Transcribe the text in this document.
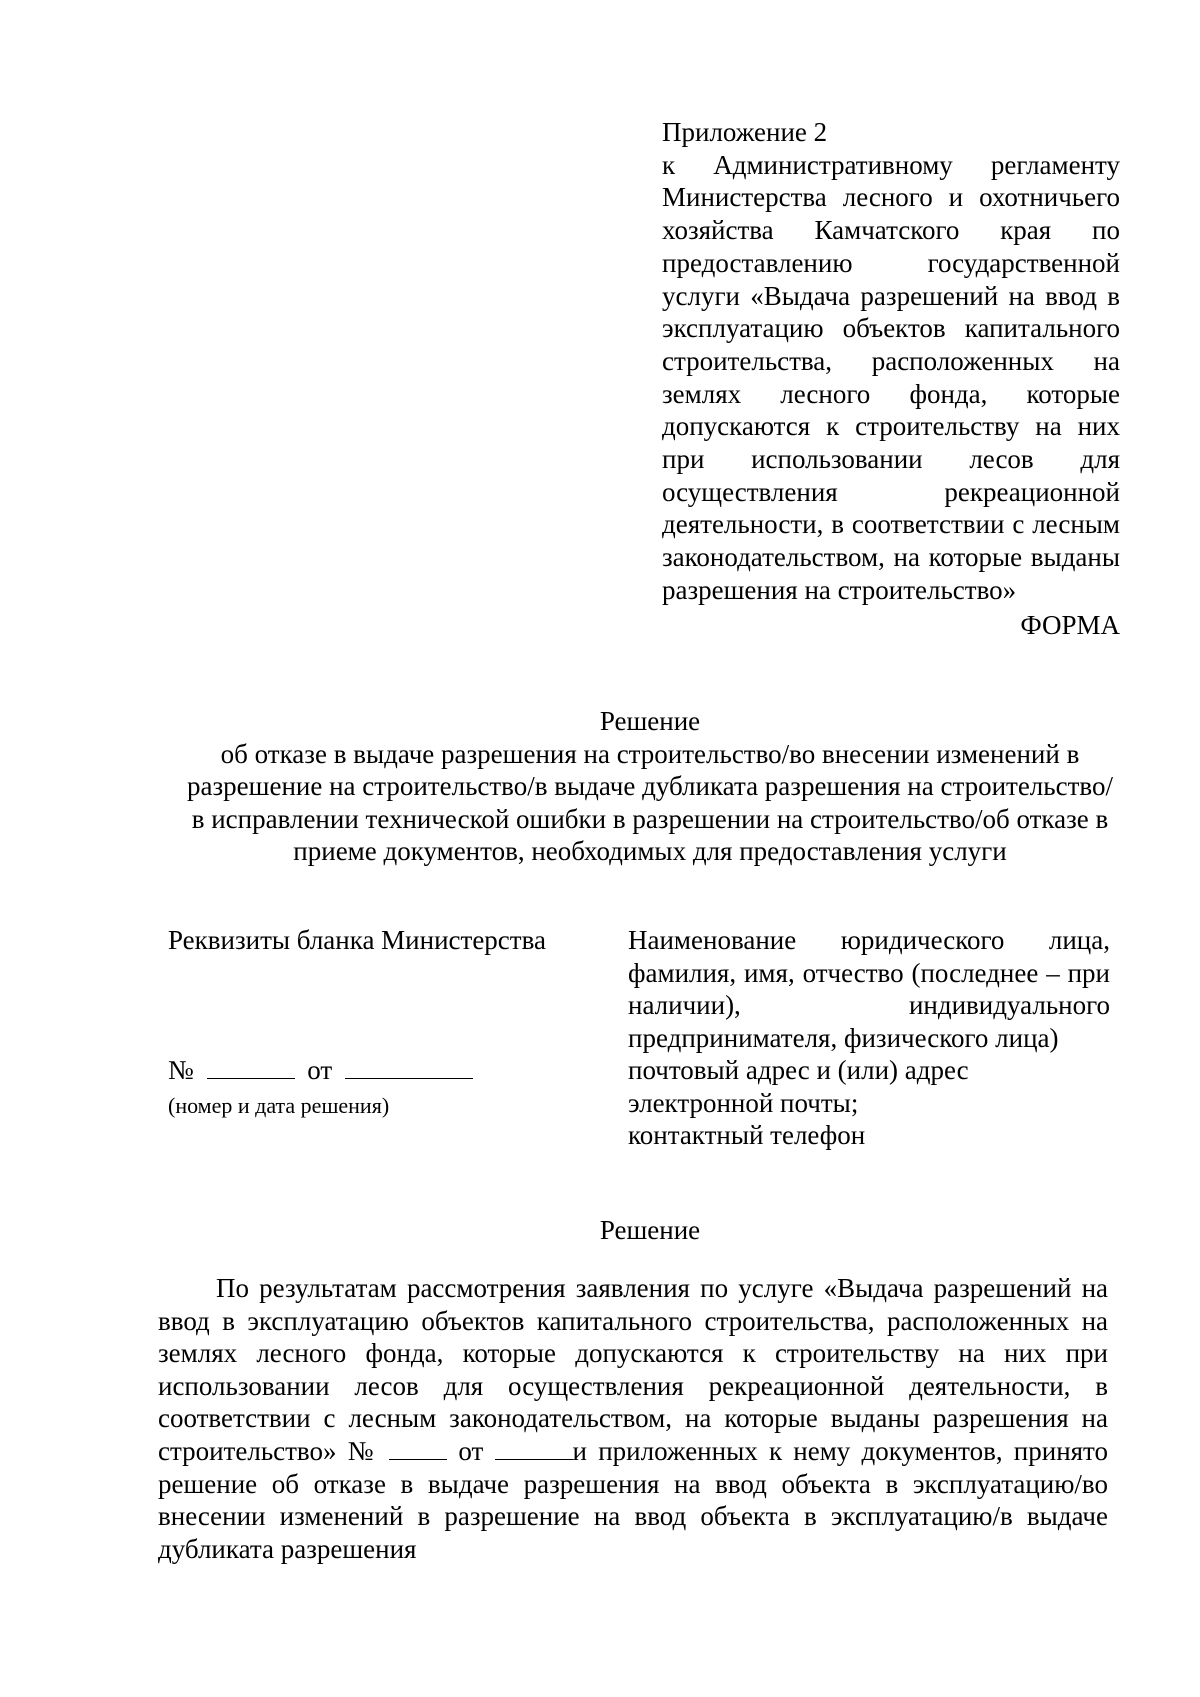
Приложение 2
к Административному регламенту Министерства лесного и охотничьего хозяйства Камчатского края по предоставлению государственной услуги «Выдача разрешений на ввод в эксплуатацию объектов капитального строительства, расположенных на землях лесного фонда, которые допускаются к строительству на них при использовании лесов для осуществления рекреационной деятельности, в соответствии с лесным законодательством, на которые выданы разрешения на строительство»
ФОРМА
Решение
об отказе в выдаче разрешения на строительство/во внесении изменений в
разрешение на строительство/в выдаче дубликата разрешения на строительство/
в исправлении технической ошибки в разрешении на строительство/об отказе в
приеме документов, необходимых для предоставления услуги
Реквизиты бланка Министерства
№	от
(номер и дата решения)
Наименование юридического лица, фамилия, имя, отчество (последнее – при наличии), индивидуального предпринимателя, физического лица)
почтовый адрес и (или) адрес
электронной почты;
контактный телефон
Решение

По результатам рассмотрения заявления по услуге «Выдача разрешений на ввод в эксплуатацию объектов капитального строительства, расположенных на землях лесного фонда, которые допускаются к строительству на них при использовании лесов для осуществления рекреационной деятельности, в соответствии с лесным законодательством, на которые выданы разрешения на строительство» №	от	и приложенных к нему документов, принято решение об отказе в выдаче разрешения на ввод объекта в эксплуатацию/во внесении изменений в разрешение на ввод объекта в эксплуатацию/в выдаче дубликата разрешения
